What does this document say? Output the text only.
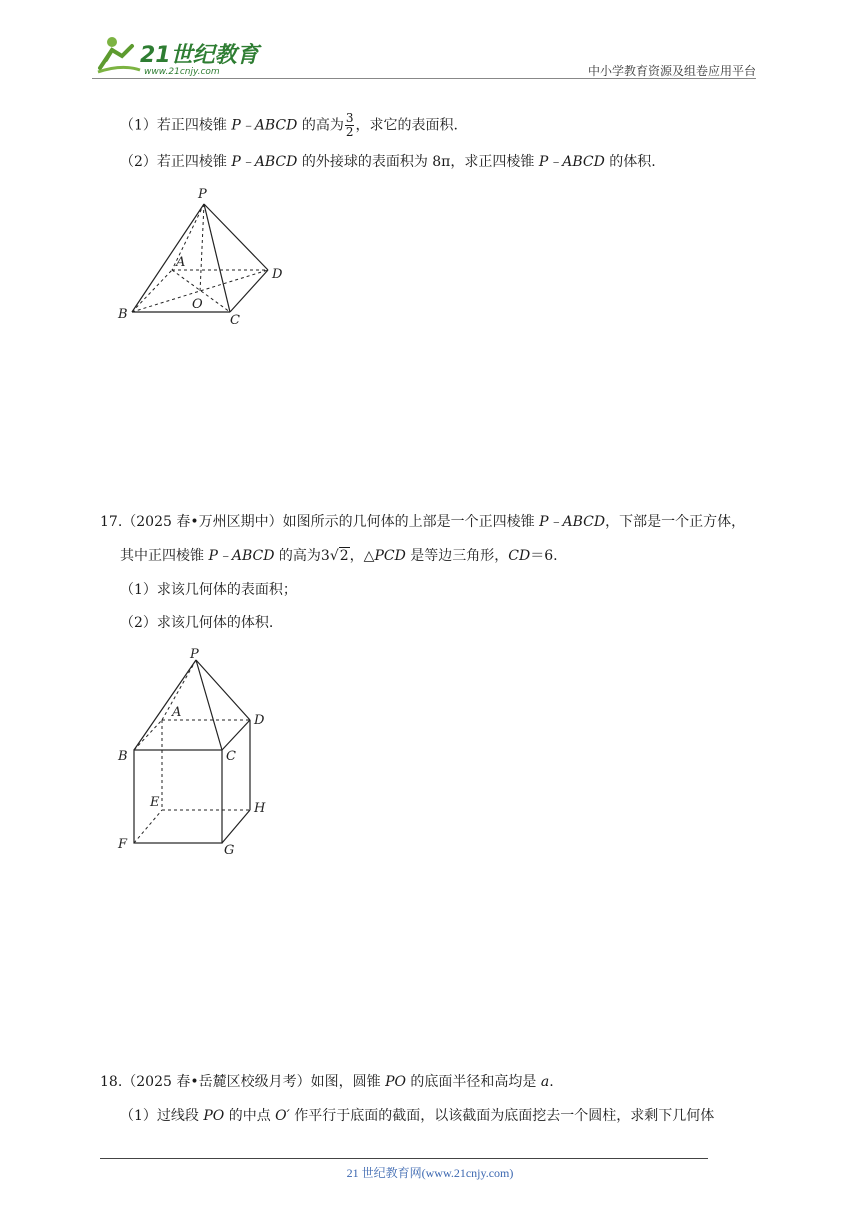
21世纪教育
www.21cnjy.com	中小学教育资源及组卷应用平台
（1）若正四棱锥 P﹣ABCD 的高为 $\frac{3}{2}$ ，求它的表面积.
（2）若正四棱锥 P﹣ABCD 的外接球的表面积为 8π，求正四棱锥 P﹣ABCD 的体积.
P
A
B	C
D
O
17.（2025 春•万州区期中）如图所示的几何体的上部是一个正四棱锥 P﹣ABCD，下部是一个正方体，
其中正四棱锥 P﹣ABCD 的高为3√2，△PCD 是等边三角形，CD＝6.
（1）求该几何体的表面积；
（2）求该几何体的体积.
P
A
B	C
D
E
F	G
H
18.（2025 春•岳麓区校级月考）如图，圆锥 PO 的底面半径和高均是 a.
（1）过线段 PO 的中点 O′ 作平行于底面的截面，以该截面为底面挖去一个圆柱，求剩下几何体
21 世纪教育网(www.21cnjy.com)
